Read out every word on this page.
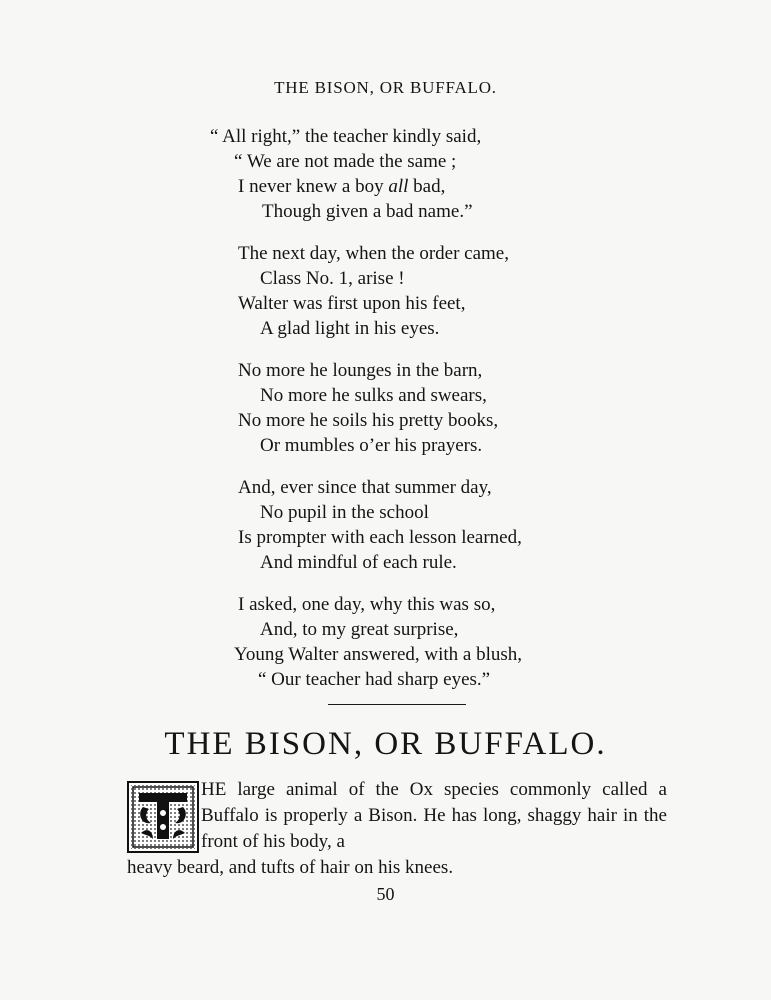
THE BISON, OR BUFFALO.
“ All right,” the teacher kindly said,
“ We are not made the same ;
I never knew a boy all bad,
Though given a bad name.”
The next day, when the order came,
Class No. 1, arise !
Walter was first upon his feet,
A glad light in his eyes.
No more he lounges in the barn,
No more he sulks and swears,
No more he soils his pretty books,
Or mumbles o’er his prayers.
And, ever since that summer day,
No pupil in the school
Is prompter with each lesson learned,
And mindful of each rule.
I asked, one day, why this was so,
And, to my great surprise,
Young Walter answered, with a blush,
“ Our teacher had sharp eyes.”
THE BISON, OR BUFFALO.

HE large animal of the Ox species commonly called a Buffalo is properly a Bison. He has long, shaggy hair in the front of his body, a
heavy beard, and tufts of hair on his knees.

50
